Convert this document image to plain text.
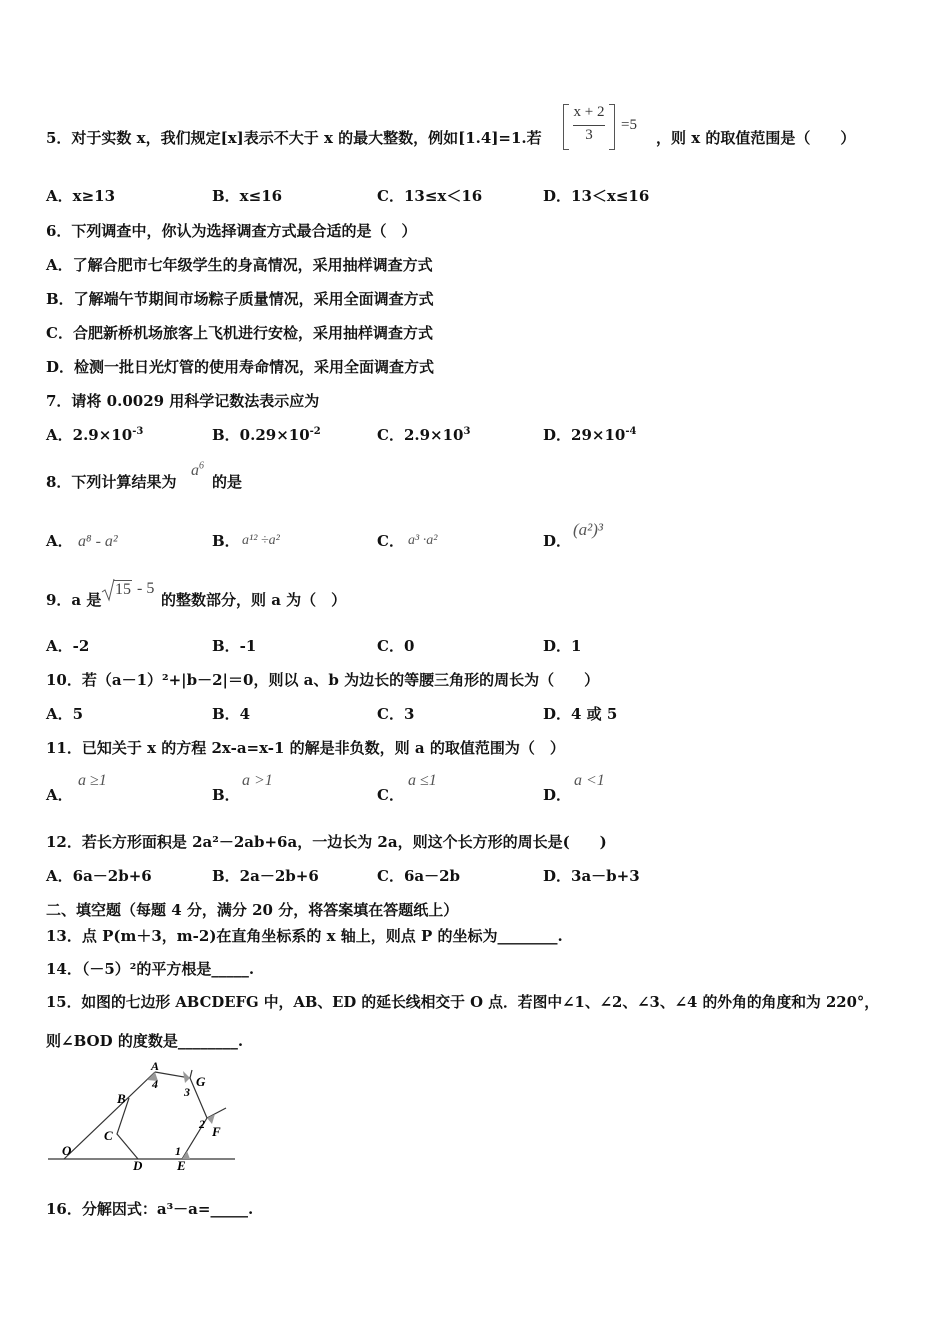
5．对于实数 x，我们规定[x]表示不大于 x 的最大整数，例如[1.4]=1.若
x + 2
3
=5
，则 x 的取值范围是（　　）
A．x≥13	B．x≤16	C．13≤x＜16	D．13＜x≤16
6．下列调查中，你认为选择调查方式最合适的是（　）
A．了解合肥市七年级学生的身高情况，采用抽样调查方式
B．了解端午节期间市场粽子质量情况，采用全面调查方式
C．合肥新桥机场旅客上飞机进行安检，采用抽样调查方式
D．检测一批日光灯管的使用寿命情况，采用全面调查方式
7．请将 0.0029 用科学记数法表示应为
A．$2.9\times 10^{-3}$	B．$0.29\times 10^{-2}$	C．$2.9\times 10^3$	D．$29\times 10^{-4}$
8．下列计算结果为
$a^6$
的是
A． a⁸ - a²	B． a¹² ÷a²	C． a³ ·a²	D．
(a²)³
9．a 是
15 - 5
的整数部分，则 a 为（　）
A．-2	B．-1	C．0	D．1
10．若（a－1）²+|b－2|＝0，则以 a、b 为边长的等腰三角形的周长为（　　）
A．5	B．4	C．3	D．4 或 5
11．已知关于 x 的方程 2x-a=x-1 的解是非负数，则 a 的取值范围为（　）
A．
a ≥1
B．
a >1
C．
a ≤1
D．
a <1
12．若长方形面积是 2a²－2ab+6a，一边长为 2a，则这个长方形的周长是(　　)
A．6a－2b+6	B．2a－2b+6	C．6a－2b	D．3a－b+3
二、填空题（每题 4 分，满分 20 分，将答案填在答题纸上）
13．点 P(m＋3，m-2)在直角坐标系的 x 轴上，则点 P 的坐标为________.
14．（－5）²的平方根是_____.
15．如图的七边形 ABCDEFG 中，AB、ED 的延长线相交于 O 点．若图中∠1、∠2、∠3、∠4 的外角的角度和为 220°，
则∠BOD 的度数是________.
O
B
A
4	G
3
C	F
2
D	E
1
16．分解因式：a³－a=_____.
